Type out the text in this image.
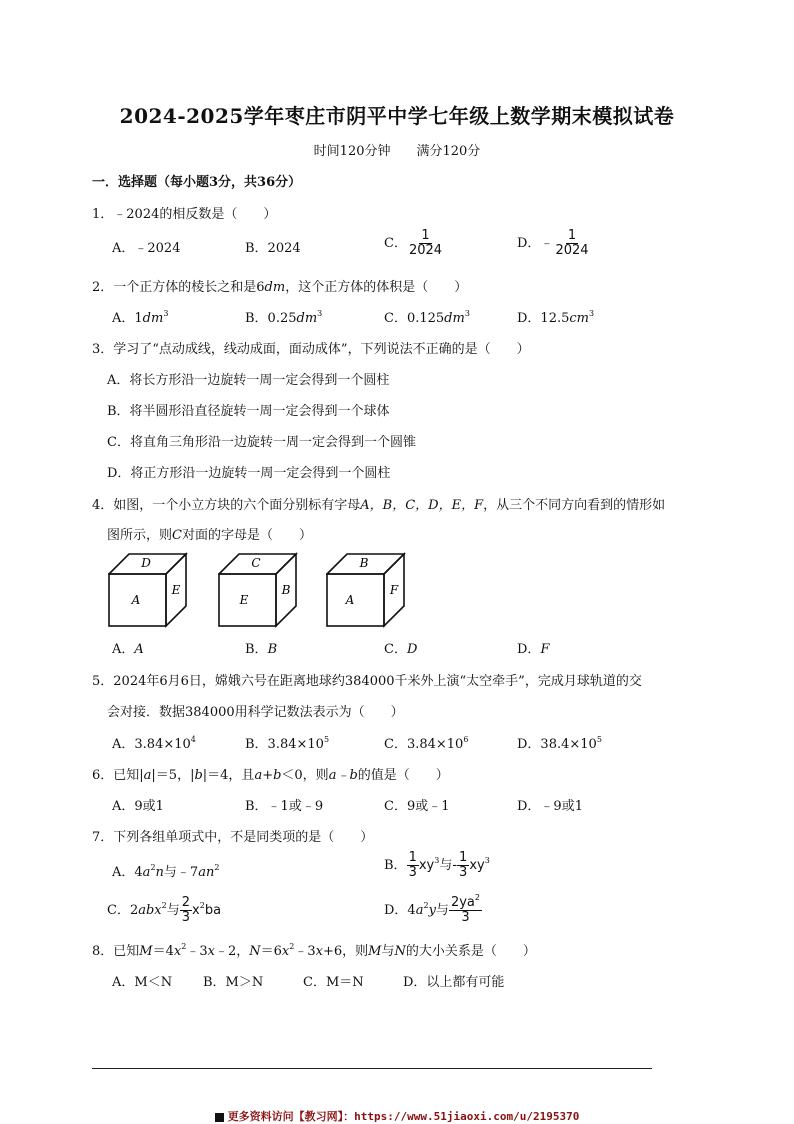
2024-2025学年枣庄市阴平中学七年级上数学期末模拟试卷
时间120分钟　　满分120分
一．选择题（每小题3分，共36分）
1．﹣2024的相反数是（　　）
A．﹣2024	B．2024	C． $\frac{1}{2024}$	D．﹣ $\frac{1}{2024}$
2．一个正方体的棱长之和是6dm，这个正方体的体积是（　　）
A．$1dm^3$	B．$0.25dm^3$	C．$0.125dm^3$	D．$12.5cm^3$
3．学习了“点动成线，线动成面，面动成体”，下列说法不正确的是（　　）
A．将长方形沿一边旋转一周一定会得到一个圆柱
B．将半圆形沿直径旋转一周一定会得到一个球体
C．将直角三角形沿一边旋转一周一定会得到一个圆锥
D．将正方形沿一边旋转一周一定会得到一个圆柱
4．如图，一个小立方块的六个面分别标有字母A，B，C，D，E，F，从三个不同方向看到的情形如
图所示，则C对面的字母是（　　）
D
A
E
C
E
B
B
A
F
A．A	B．B	C．D	D．F
5．2024年6月6日，嫦娥六号在距离地球约384000千米外上演“太空牵手”，完成月球轨道的交
会对接．数据384000用科学记数法表示为（　　）
A．$3.84\times 10^4$	B．$3.84\times 10^5$	C．$3.84\times 10^6$	D．$38.4\times 10^5$
6．已知|a|＝5，|b|＝4，且a+b＜0，则a﹣b的值是（　　）
A．9或1	B．﹣1或﹣9	C．9或﹣1	D．﹣9或1
7．下列各组单项式中，不是同类项的是（　　）
A．$4a^2n$与$﹣7an^2$	B． $\frac{1}{3} xy^3$与- $\frac{1}{3} xy^3$
C．2abx$^2$与 $\frac{2}{3} x^2ba$	D．$4a^2y$与 $\frac{2ya^2}{3}$
8．已知$M=4x^2﹣3x﹣2$，$N=6x^2﹣3x+6$，则M与N的大小关系是（　　）
A．M＜N B．M＞N	C．M＝N	D．以上都有可能
更多资料访问【教习网】：https://www.51jiaoxi.com/u/2195370
